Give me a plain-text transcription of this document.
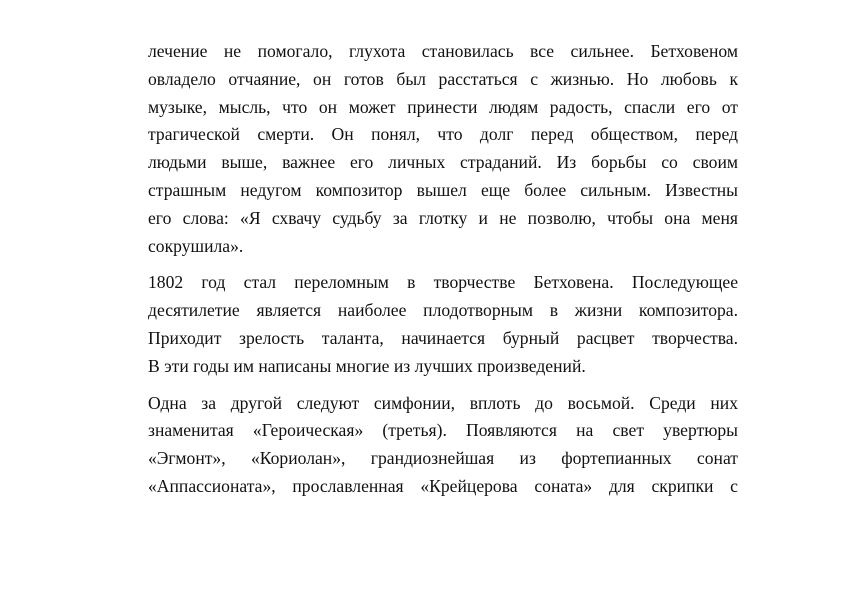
лечение не помогало, глухота становилась все сильнее. Бетховеном
овладело отчаяние, он готов был расстаться с жизнью. Но любовь к
музыке, мысль, что он может принести людям радость, спасли его от
трагической смерти. Он понял, что долг перед обществом, перед
людьми выше, важнее его личных страданий. Из борьбы со своим
страшным недугом композитор вышел еще более сильным. Известны
его слова: «Я схвачу судьбу за глотку и не позволю, чтобы она меня
сокрушила».
1802 год стал переломным в творчестве Бетховена. Последующее
десятилетие является наиболее плодотворным в жизни композитора.
Приходит зрелость таланта, начинается бурный расцвет творчества.
В эти годы им написаны многие из лучших произведений.
Одна за другой следуют симфонии, вплоть до восьмой. Среди них
знаменитая «Героическая» (третья). Появляются на свет увертюры
«Эгмонт», «Кориолан», грандиознейшая из фортепианных сонат
«Аппассионата», прославленная «Крейцерова соната» для скрипки с
